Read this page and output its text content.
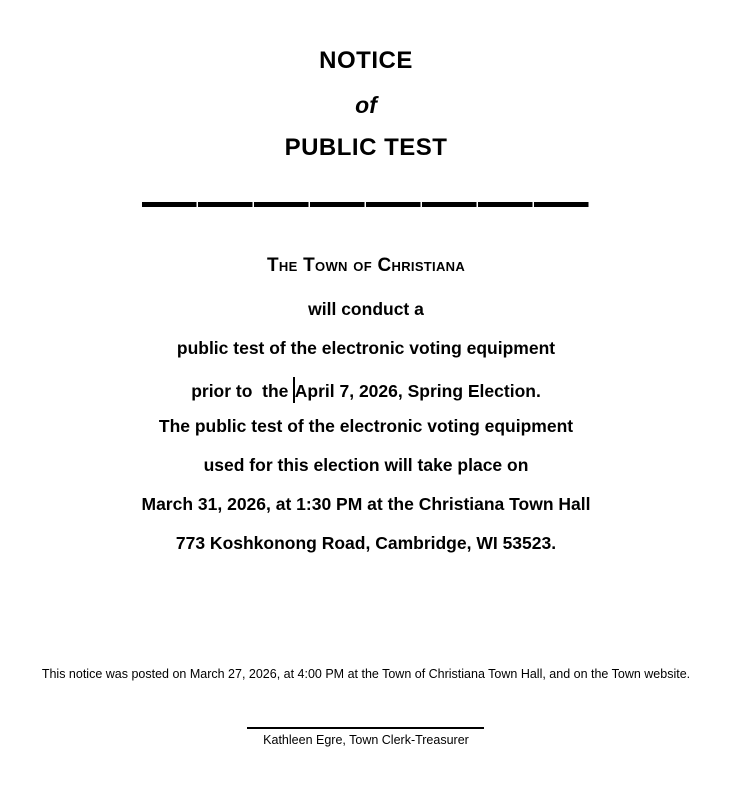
NOTICE

of

PUBLIC TEST

The Town of Christiana

will conduct a

public test of the electronic voting equipment

prior to  the April 7, 2026, Spring Election.

The public test of the electronic voting equipment

used for this election will take place on

March 31, 2026, at 1:30 PM at the Christiana Town Hall

773 Koshkonong Road, Cambridge, WI 53523.

This notice was posted on March 27, 2026, at 4:00 PM at the Town of Christiana Town Hall, and on the Town website.

Kathleen Egre, Town Clerk-Treasurer
